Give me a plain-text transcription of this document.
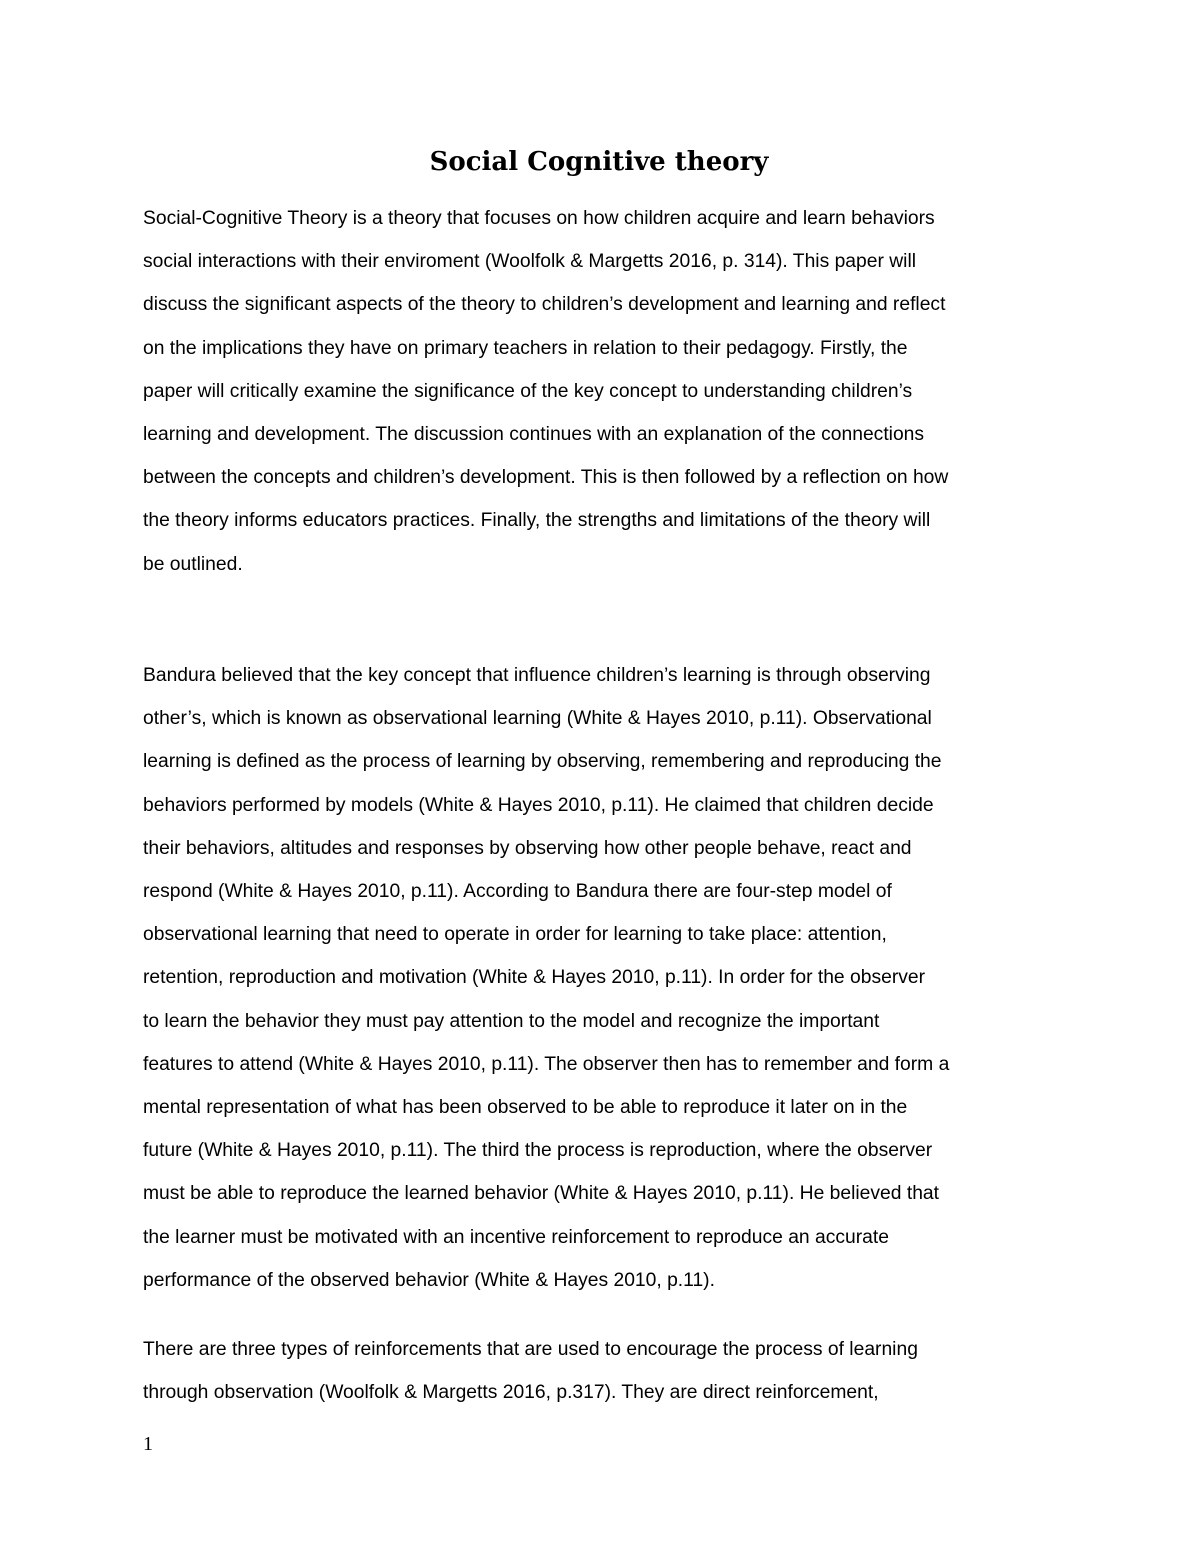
Social Cognitive theory

Social-Cognitive Theory is a theory that focuses on how children acquire and learn behaviors
social interactions with their enviroment (Woolfolk & Margetts 2016, p. 314). This paper will
discuss the significant aspects of the theory to children’s development and learning and reflect
on the implications they have on primary teachers in relation to their pedagogy. Firstly, the
paper will critically examine the significance of the key concept to understanding children’s
learning and development. The discussion continues with an explanation of the connections
between the concepts and children’s development. This is then followed by a reflection on how
the theory informs educators practices. Finally, the strengths and limitations of the theory will
be outlined.

Bandura believed that the key concept that influence children’s learning is through observing
other’s, which is known as observational learning (White & Hayes 2010, p.11). Observational
learning is defined as the process of learning by observing, remembering and reproducing the
behaviors performed by models (White & Hayes 2010, p.11). He claimed that children decide
their behaviors, altitudes and responses by observing how other people behave, react and
respond (White & Hayes 2010, p.11). According to Bandura there are four-step model of
observational learning that need to operate in order for learning to take place: attention,
retention, reproduction and motivation (White & Hayes 2010, p.11). In order for the observer
to learn the behavior they must pay attention to the model and recognize the important
features to attend (White & Hayes 2010, p.11). The observer then has to remember and form a
mental representation of what has been observed to be able to reproduce it later on in the
future (White & Hayes 2010, p.11). The third the process is reproduction, where the observer
must be able to reproduce the learned behavior (White & Hayes 2010, p.11). He believed that
the learner must be motivated with an incentive reinforcement to reproduce an accurate
performance of the observed behavior (White & Hayes 2010, p.11).

There are three types of reinforcements that are used to encourage the process of learning
through observation (Woolfolk & Margetts 2016, p.317). They are direct reinforcement,

1
